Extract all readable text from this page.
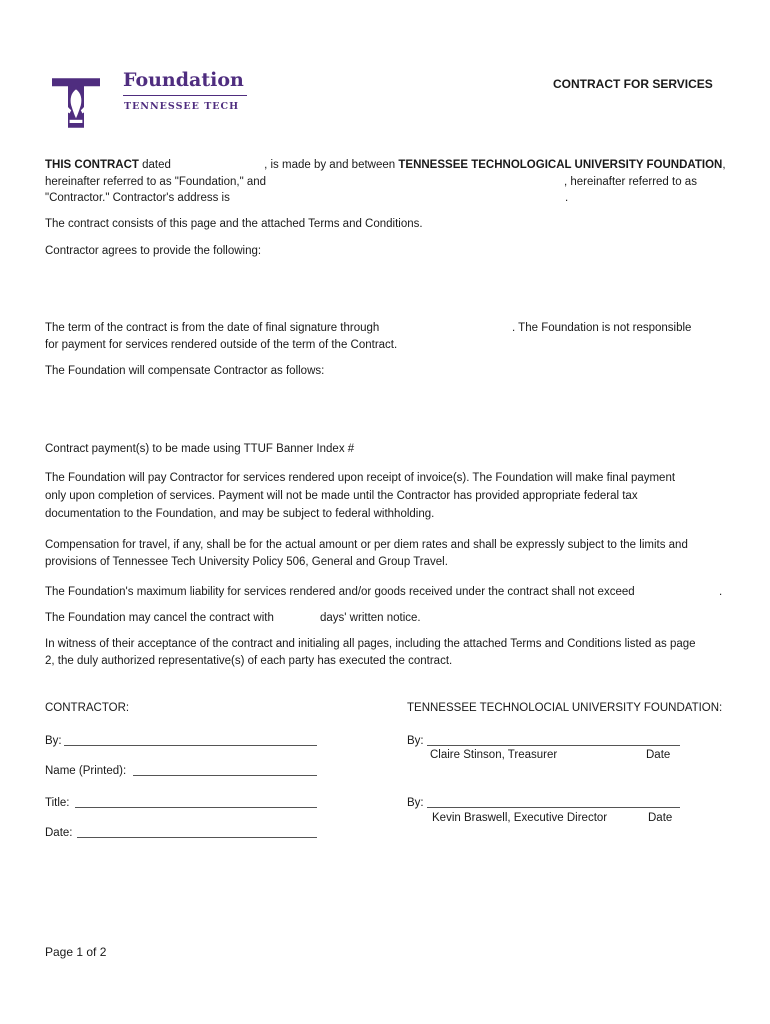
Foundation
TENNESSEE TECH
CONTRACT FOR SERVICES
THIS CONTRACT dated	, is made by and between TENNESSEE TECHNOLOGICAL UNIVERSITY FOUNDATION,
hereinafter referred to as "Foundation," and	, hereinafter referred to as
"Contractor." Contractor's address is	.
The contract consists of this page and the attached Terms and Conditions.
Contractor agrees to provide the following:
The term of the contract is from the date of final signature through	. The Foundation is not responsible
for payment for services rendered outside of the term of the Contract.
The Foundation will compensate Contractor as follows:
Contract payment(s) to be made using TTUF Banner Index #
The Foundation will pay Contractor for services rendered upon receipt of invoice(s). The Foundation will make final payment
only upon completion of services. Payment will not be made until the Contractor has provided appropriate federal tax
documentation to the Foundation, and may be subject to federal withholding.
Compensation for travel, if any, shall be for the actual amount or per diem rates and shall be expressly subject to the limits and
provisions of Tennessee Tech University Policy 506, General and Group Travel.
The Foundation's maximum liability for services rendered and/or goods received under the contract shall not exceed	.
The Foundation may cancel the contract with	days' written notice.
In witness of their acceptance of the contract and initialing all pages, including the attached Terms and Conditions listed as page
2, the duly authorized representative(s) of each party has executed the contract.
CONTRACTOR:	TENNESSEE TECHNOLOCIAL UNIVERSITY FOUNDATION:
By:	By:
Claire Stinson, Treasurer	Date
Name (Printed):
Title:	By:
Kevin Braswell, Executive Director	Date
Date:
Page 1 of 2
